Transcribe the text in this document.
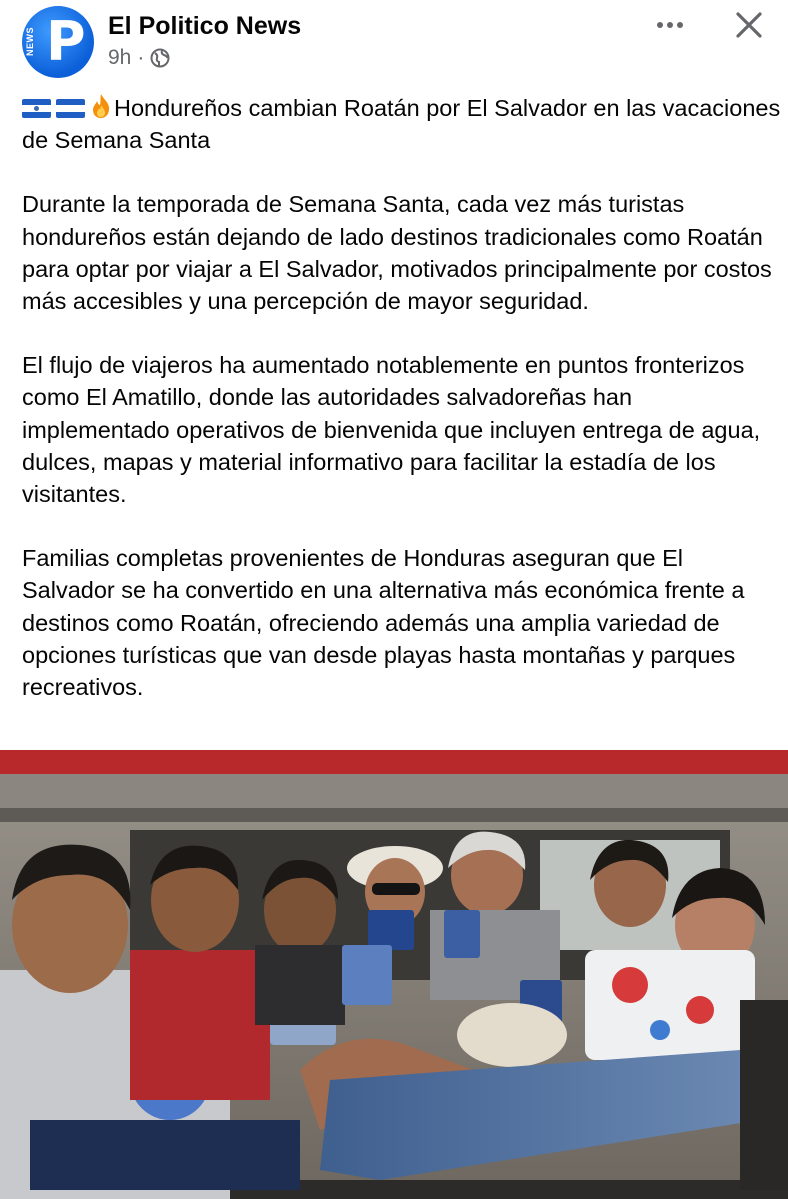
NEWS P El Politico News
9h ·

Hondureños cambian Roatán por El Salvador en las vacaciones de Semana Santa

Durante la temporada de Semana Santa, cada vez más turistas hondureños están dejando de lado destinos tradicionales como Roatán para optar por viajar a El Salvador, motivados principalmente por costos más accesibles y una percepción de mayor seguridad.

El flujo de viajeros ha aumentado notablemente en puntos fronterizos como El Amatillo, donde las autoridades salvadoreñas han implementado operativos de bienvenida que incluyen entrega de agua, dulces, mapas y material informativo para facilitar la estadía de los visitantes.

Familias completas provenientes de Honduras aseguran que El Salvador se ha convertido en una alternativa más económica frente a destinos como Roatán, ofreciendo además una amplia variedad de opciones turísticas que van desde playas hasta montañas y parques recreativos.
